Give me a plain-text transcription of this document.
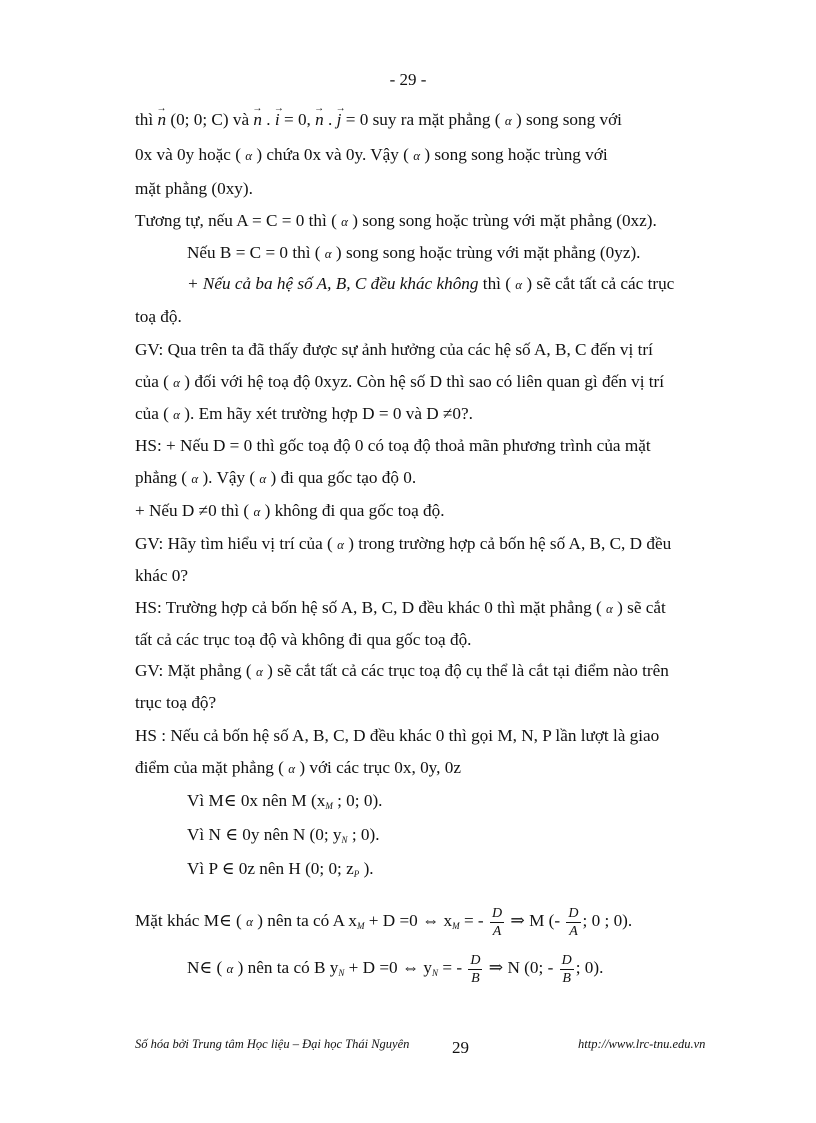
- 29 -
thì → n (0; 0; C) và → n . → i = 0, → n . → j = 0 suy ra mặt phẳng ( α ) song song với
0x và 0y hoặc ( α ) chứa 0x và 0y. Vậy ( α ) song song hoặc trùng với
mặt phẳng (0xy).
Tương tự, nếu A = C = 0 thì ( α ) song song hoặc trùng với mặt phẳng (0xz).
Nếu B = C = 0 thì ( α ) song song hoặc trùng với mặt phẳng (0yz).
+ Nếu cả ba hệ số A, B, C đều khác không thì ( α ) sẽ cắt tất cả các trục
toạ độ.
GV: Qua trên ta đã thấy được sự ảnh hưởng của các hệ số A, B, C đến vị trí
của ( α ) đối với hệ toạ độ 0xyz. Còn hệ số D thì sao có liên quan gì đến vị trí
của ( α ). Em hãy xét trường hợp D = 0 và D ≠0?.
HS: + Nếu D = 0 thì gốc toạ độ 0 có toạ độ thoả mãn phương trình của mặt
phẳng ( α ). Vậy ( α ) đi qua gốc tạo độ 0.
+ Nếu D ≠0 thì ( α ) không đi qua gốc toạ độ.
GV: Hãy tìm hiểu vị trí của ( α ) trong trường hợp cả bốn hệ số A, B, C, D đều
khác 0?
HS: Trường hợp cả bốn hệ số A, B, C, D đều khác 0 thì mặt phẳng ( α ) sẽ cắt
tất cả các trục toạ độ và không đi qua gốc toạ độ.
GV: Mặt phẳng ( α ) sẽ cắt tất cả các trục toạ độ cụ thể là cắt tại điểm nào trên
trục toạ độ?
HS : Nếu cả bốn hệ số A, B, C, D đều khác 0 thì gọi M, N, P lần lượt là giao
điểm của mặt phẳng ( α ) với các trục 0x, 0y, 0z
Vì M∈ 0x nên M ($x_M$ ; 0; 0).
Vì N ∈ 0y nên N (0; $y_N$ ; 0).
Vì P ∈ 0z nên H (0; 0; $z_P$ ).
Mặt khác M∈ ( α ) nên ta có A $x_M + D =0$ ⇔ $x_M$ = - $\frac{D}{A}$ ⇒ M (- $\frac{D}{A}$ ; 0 ; 0).
N∈ ( α ) nên ta có B $y_N + D =0$ ⇔ $y_N$ = - $\frac{D}{B}$ ⇒ N (0; - $\frac{D}{B}$ ; 0).
Số hóa bởi Trung tâm Học liệu – Đại học Thái Nguyên	29	http://www.lrc-tnu.edu.vn
